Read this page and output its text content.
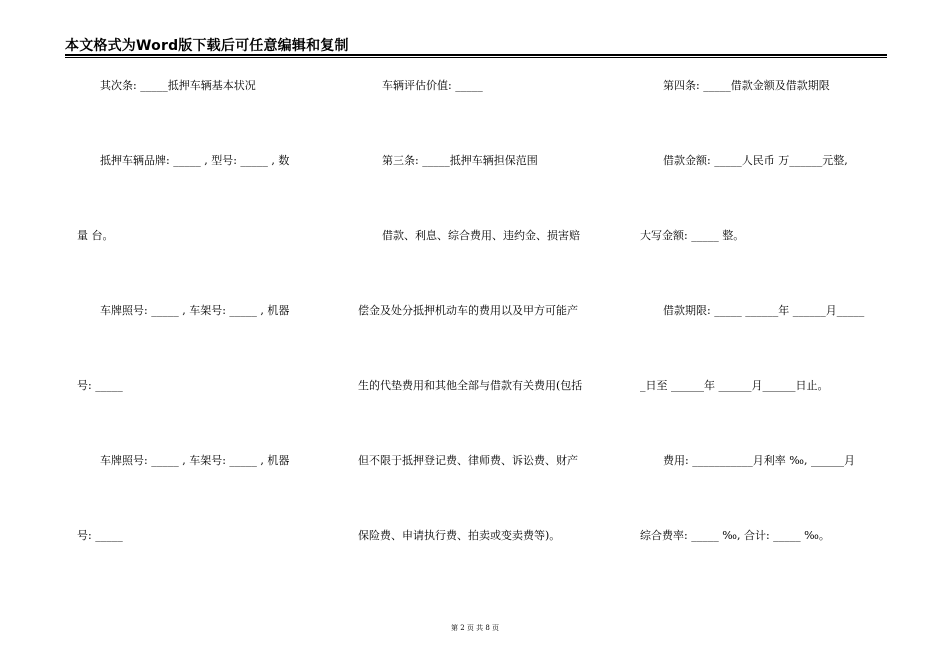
本文格式为Word版下载后可任意编辑和复制
其次条: _____抵押车辆基本状况
抵押车辆品牌: _____ , 型号: _____ , 数
量 台。
车牌照号: _____ , 车架号: _____ , 机器
号: _____
车牌照号: _____ , 车架号: _____ , 机器
号: _____
车辆评估价值: _____
第三条: _____抵押车辆担保范围
借款、利息、综合费用、违约金、损害赔
偿金及处分抵押机动车的费用以及甲方可能产
生的代垫费用和其他全部与借款有关费用(包括
但不限于抵押登记费、律师费、诉讼费、财产
保险费、申请执行费、拍卖或变卖费等)。
第四条: _____借款金额及借款期限
借款金额: _____人民币 万______元整,
大写金额: _____ 整。
借款期限: _____ ______年 ______月_____
_日至 ______年 ______月______日止。
费用: ___________月利率 ‰, ______月
综合费率: _____ ‰, 合计: _____ ‰。
第 2 页 共 8 页
